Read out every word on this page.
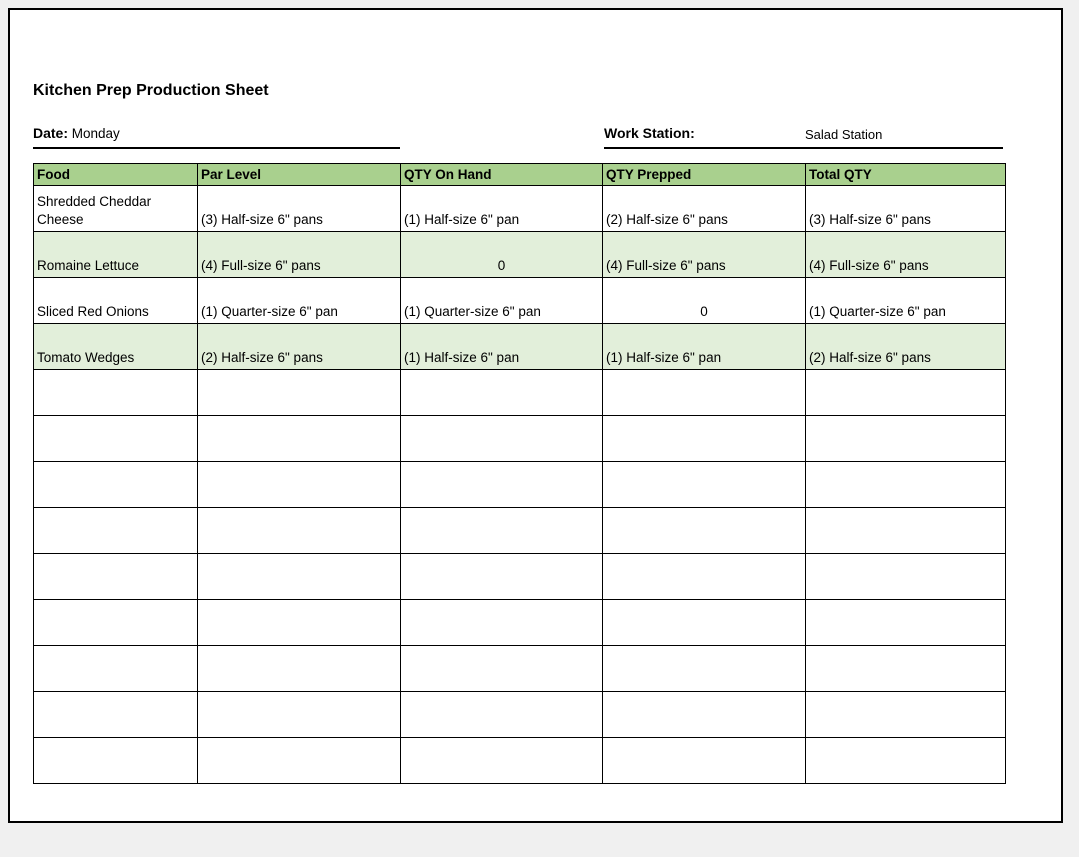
Kitchen Prep Production Sheet
Date: Monday	Work Station:	Salad Station
Food	Par Level	QTY On Hand	QTY Prepped	Total QTY
Shredded Cheddar Cheese	(3) Half-size 6" pans	(1) Half-size 6" pan	(2) Half-size 6" pans	(3) Half-size 6" pans
Romaine Lettuce	(4) Full-size 6" pans	0	(4) Full-size 6" pans	(4) Full-size 6" pans
Sliced Red Onions	(1) Quarter-size 6" pan	(1) Quarter-size 6" pan	0	(1) Quarter-size 6" pan
Tomato Wedges	(2) Half-size 6" pans	(1) Half-size 6" pan	(1) Half-size 6" pan	(2) Half-size 6" pans
